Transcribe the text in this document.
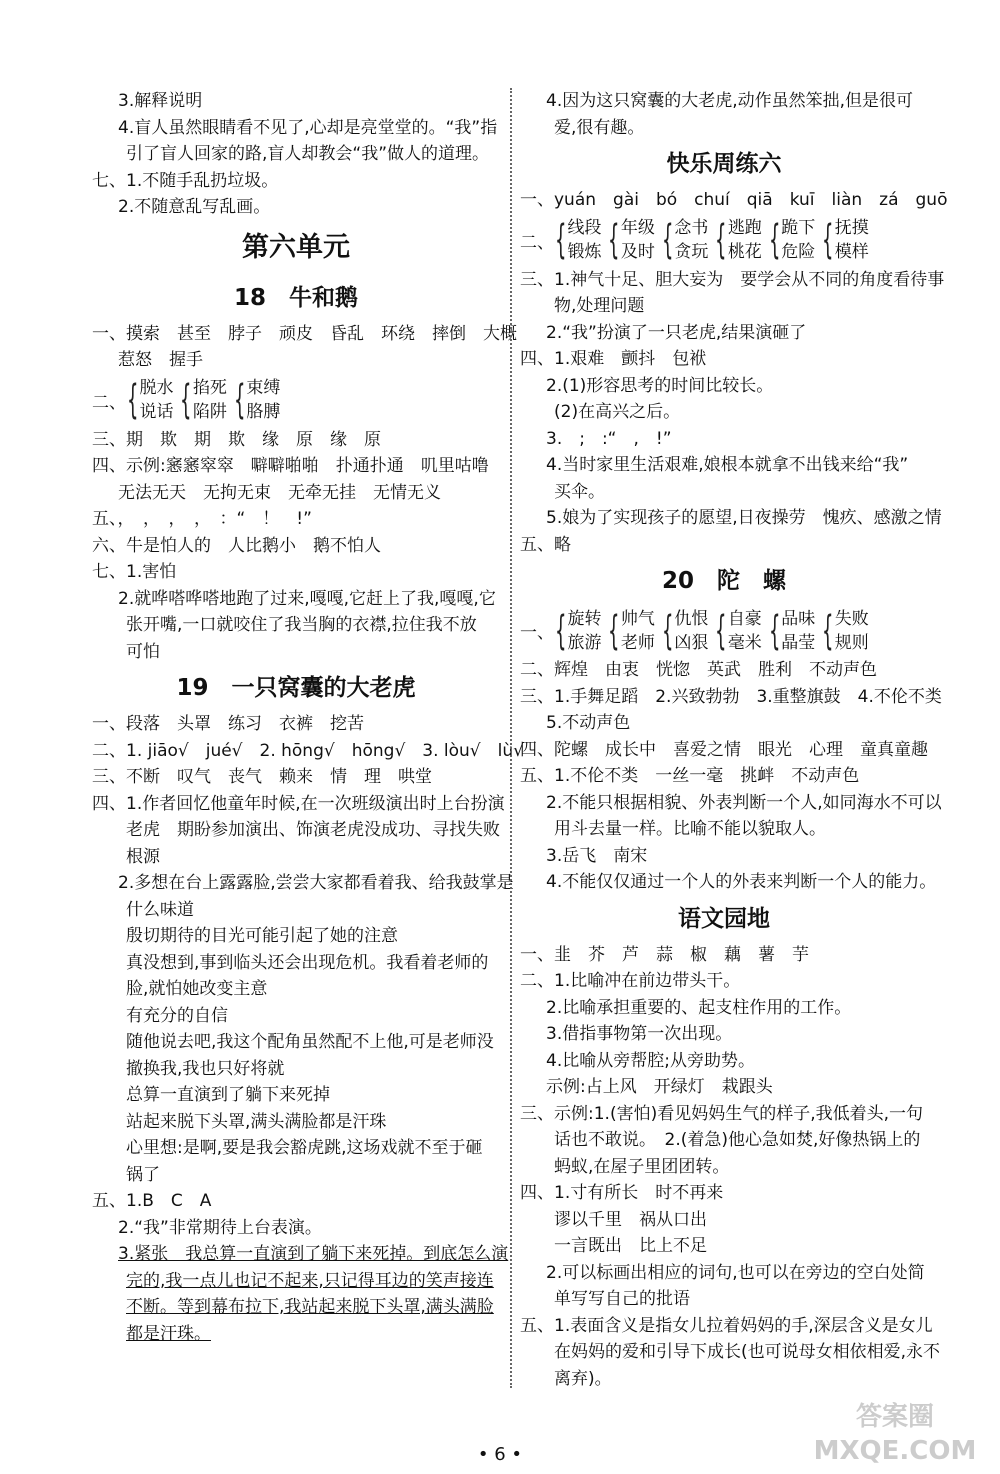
3.解释说明
4.盲人虽然眼睛看不见了,心却是亮堂堂的。“我”指
引了盲人回家的路,盲人却教会“我”做人的道理。
七、1.不随手乱扔垃圾。
2.不随意乱写乱画。
第六单元
18　牛和鹅
一、摸索　甚至　脖子　顽皮　昏乱　环绕　摔倒　大概
惹怒　握手
二、 { 脱水
说话 { 掐死
陷阱 { 束缚
胳膊
三、期　欺　期　欺　缘　原　缘　原
四、示例:窸窸窣窣　噼噼啪啪　扑通扑通　叽里咕噜
无法无天　无拘无束　无牵无挂　无情无义
五、，　，　，　，　：“　！　!”
六、牛是怕人的　人比鹅小　鹅不怕人
七、1.害怕
2.就哗嗒哗嗒地跑了过来,嘎嘎,它赶上了我,嘎嘎,它
张开嘴,一口就咬住了我当胸的衣襟,拉住我不放
可怕
19　一只窝囊的大老虎
一、段落　头罩　练习　衣裤　挖苦
二、1. jiāo√　jué√　2. hōng√　hōng√　3. lòu√　lù√
三、不断　叹气　丧气　赖来　情　理　哄堂
四、1.作者回忆他童年时候,在一次班级演出时上台扮演
老虎　期盼参加演出、饰演老虎没成功、寻找失败
根源
2.多想在台上露露脸,尝尝大家都看着我、给我鼓掌是
什么味道
殷切期待的目光可能引起了她的注意
真没想到,事到临头还会出现危机。我看着老师的
脸,就怕她改变主意
有充分的自信
随他说去吧,我这个配角虽然配不上他,可是老师没
撤换我,我也只好将就
总算一直演到了躺下来死掉
站起来脱下头罩,满头满脸都是汗珠
心里想:是啊,要是我会豁虎跳,这场戏就不至于砸
锅了
五、1.B　C　A
2.“我”非常期待上台表演。
3.紧张　我总算一直演到了躺下来死掉。到底怎么演
完的,我一点儿也记不起来,只记得耳边的笑声接连
不断。等到幕布拉下,我站起来脱下头罩,满头满脸
都是汗珠。
4.因为这只窝囊的大老虎,动作虽然笨拙,但是很可
爱,很有趣。
快乐周练六
一、yuán　gài　bó　chuí　qiā　kuī　liàn　zá　guō
二、 { 线段
锻炼 { 年级
及时 { 念书
贪玩 { 逃跑
桃花 { 跪下
危险 { 抚摸
模样
三、1.神气十足、胆大妄为　要学会从不同的角度看待事
物,处理问题
2.“我”扮演了一只老虎,结果演砸了
四、1.艰难　颤抖　包袱
2.(1)形容思考的时间比较长。
(2)在高兴之后。
3.　;　:“　,　!”
4.当时家里生活艰难,娘根本就拿不出钱来给“我”
买伞。
5.娘为了实现孩子的愿望,日夜操劳　愧疚、感激之情
五、略
20　陀　螺
一、 { 旋转
旅游 { 帅气
老师 { 仇恨
凶狠 { 自豪
毫米 { 品味
晶莹 { 失败
规则
二、辉煌　由衷　恍惚　英武　胜利　不动声色
三、1.手舞足蹈　2.兴致勃勃　3.重整旗鼓　4.不伦不类
5.不动声色
四、陀螺　成长中　喜爱之情　眼光　心理　童真童趣
五、1.不伦不类　一丝一毫　挑衅　不动声色
2.不能只根据相貌、外表判断一个人,如同海水不可以
用斗去量一样。比喻不能以貌取人。
3.岳飞　南宋
4.不能仅仅通过一个人的外表来判断一个人的能力。
语文园地
一、韭　芥　芦　蒜　椒　藕　薯　芋
二、1.比喻冲在前边带头干。
2.比喻承担重要的、起支柱作用的工作。
3.借指事物第一次出现。
4.比喻从旁帮腔;从旁助势。
示例:占上风　开绿灯　栽跟头
三、示例:1.(害怕)看见妈妈生气的样子,我低着头,一句
话也不敢说。　2.(着急)他心急如焚,好像热锅上的
蚂蚁,在屋子里团团转。
四、1.寸有所长　时不再来
谬以千里　祸从口出
一言既出　比上不足
2.可以标画出相应的词句,也可以在旁边的空白处简
单写写自己的批语
五、1.表面含义是指女儿拉着妈妈的手,深层含义是女儿
在妈妈的爱和引导下成长(也可说母女相依相爱,永不
离弃)。
• 6 •
答案圈 MXQE.COM
